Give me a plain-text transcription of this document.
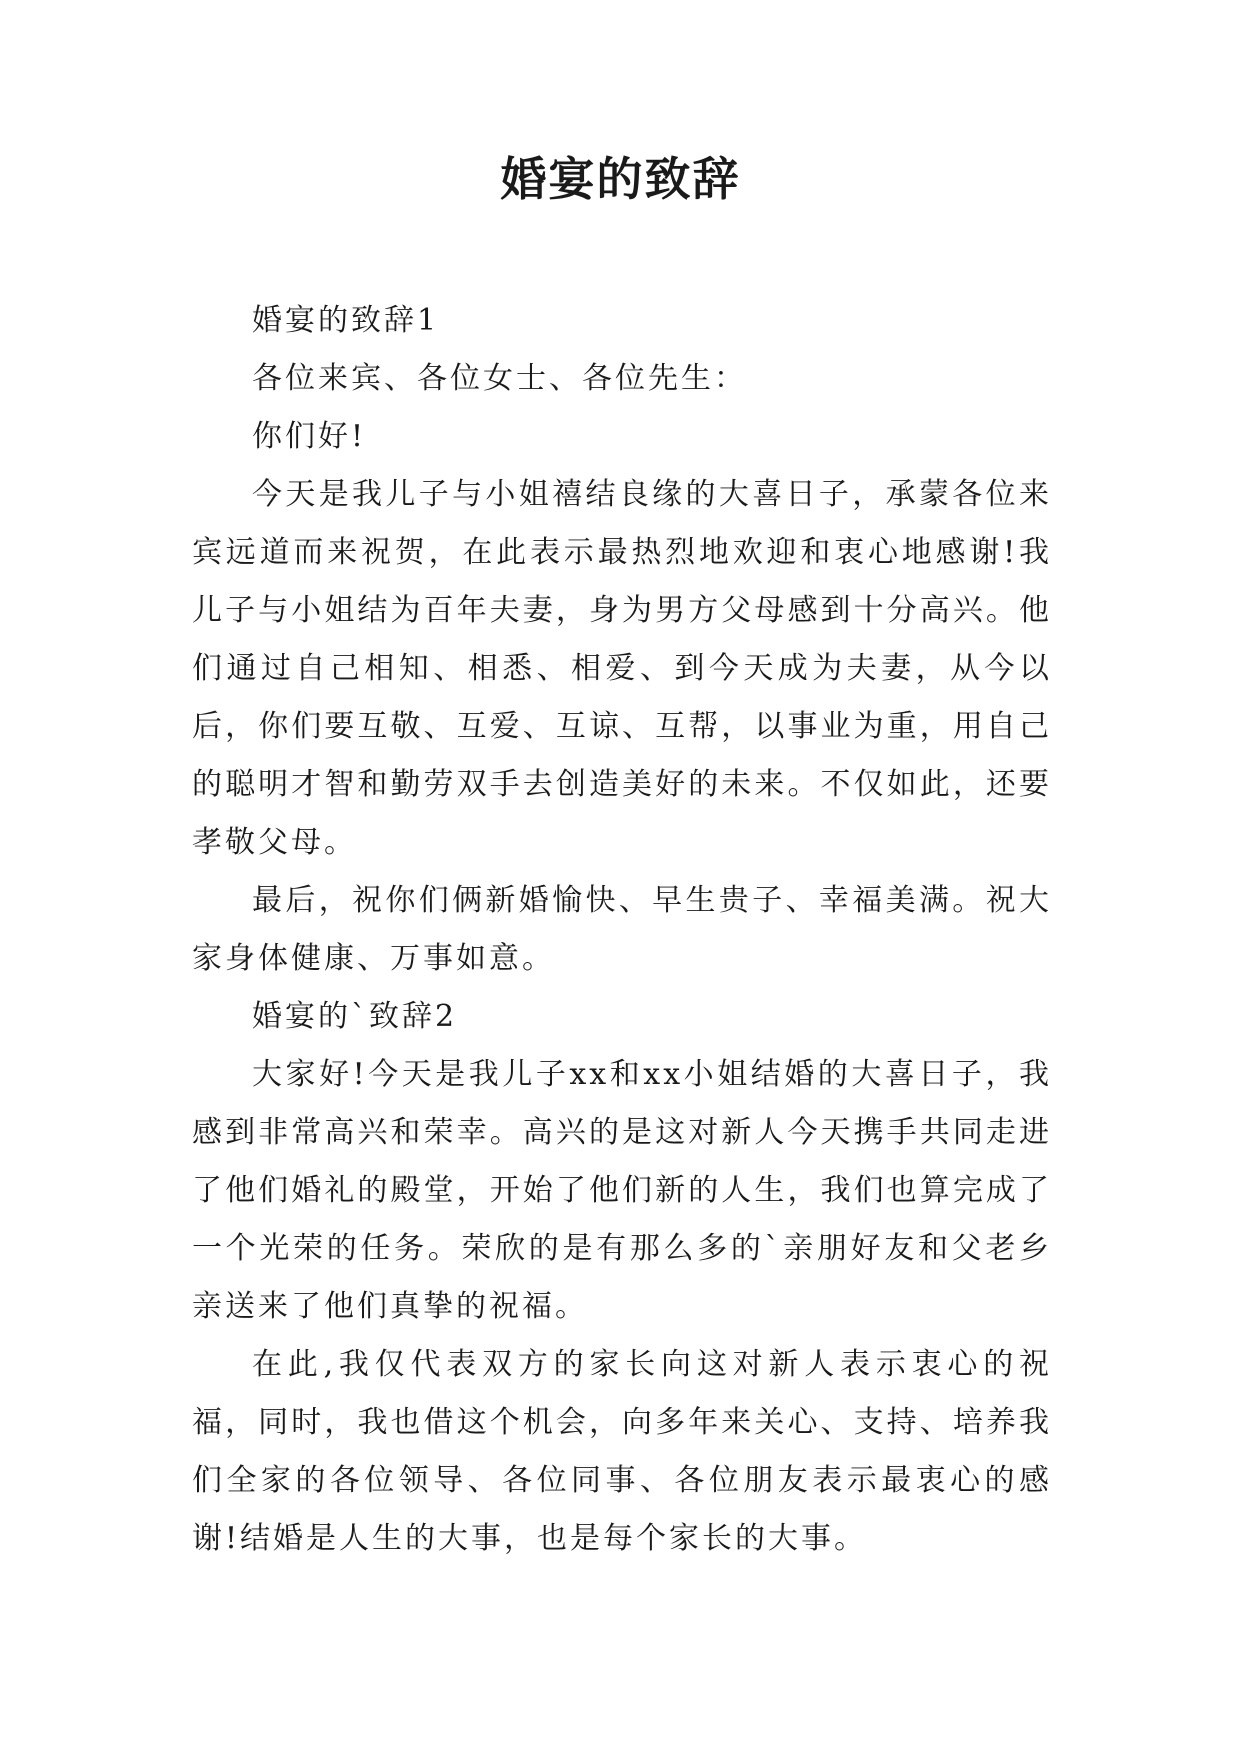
婚宴的致辞

婚宴的致辞1

各位来宾、各位女士、各位先生：

你们好!

今天是我儿子与小姐禧结良缘的大喜日子，承蒙各位来宾远道而来祝贺，在此表示最热烈地欢迎和衷心地感谢!我儿子与小姐结为百年夫妻，身为男方父母感到十分高兴。他们通过自己相知、相悉、相爱、到今天成为夫妻，从今以后，你们要互敬、互爱、互谅、互帮，以事业为重，用自己的聪明才智和勤劳双手去创造美好的未来。不仅如此，还要孝敬父母。

最后，祝你们俩新婚愉快、早生贵子、幸福美满。祝大家身体健康、万事如意。

婚宴的`致辞2

大家好!今天是我儿子xx和xx小姐结婚的大喜日子，我感到非常高兴和荣幸。高兴的是这对新人今天携手共同走进了他们婚礼的殿堂，开始了他们新的人生，我们也算完成了一个光荣的任务。荣欣的是有那么多的`亲朋好友和父老乡亲送来了他们真挚的祝福。

在此,我仅代表双方的家长向这对新人表示衷心的祝福，同时，我也借这个机会，向多年来关心、支持、培养我们全家的各位领导、各位同事、各位朋友表示最衷心的感谢!结婚是人生的大事，也是每个家长的大事。
